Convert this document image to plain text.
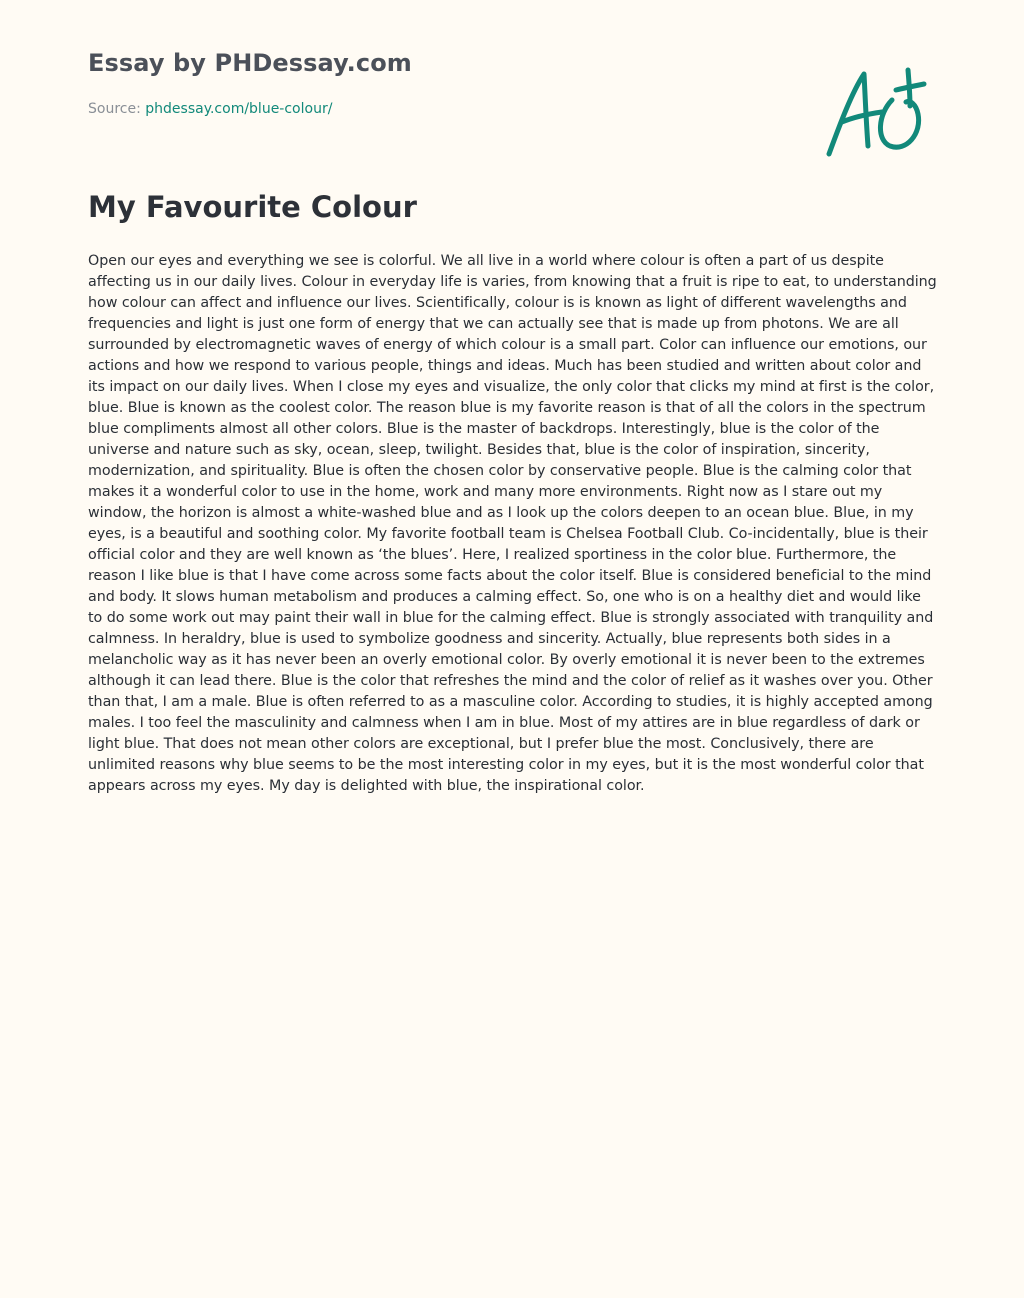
Essay by PHDessay.com
Source: phdessay.com/blue-colour/
My Favourite Colour

Open our eyes and everything we see is colorful. We all live in a world where colour is often a part of us despite affecting us in our daily lives. Colour in everyday life is varies, from knowing that a fruit is ripe to eat, to understanding how colour can affect and influence our lives. Scientifically, colour is is known as light of different wavelengths and frequencies and light is just one form of energy that we can actually see that is made up from photons. We are all surrounded by electromagnetic waves of energy of which colour is a small part. Color can influence our emotions, our actions and how we respond to various people, things and ideas. Much has been studied and written about color and its impact on our daily lives. When I close my eyes and visualize, the only color that clicks my mind at first is the color, blue. Blue is known as the coolest color. The reason blue is my favorite reason is that of all the colors in the spectrum blue compliments almost all other colors. Blue is the master of backdrops. Interestingly, blue is the color of the universe and nature such as sky, ocean, sleep, twilight. Besides that, blue is the color of inspiration, sincerity, modernization, and spirituality. Blue is often the chosen color by conservative people. Blue is the calming color that makes it a wonderful color to use in the home, work and many more environments. Right now as I stare out my window, the horizon is almost a white-washed blue and as I look up the colors deepen to an ocean blue. Blue, in my eyes, is a beautiful and soothing color. My favorite football team is Chelsea Football Club. Co-incidentally, blue is their official color and they are well known as ‘the blues’. Here, I realized sportiness in the color blue. Furthermore, the reason I like blue is that I have come across some facts about the color itself. Blue is considered beneficial to the mind and body. It slows human metabolism and produces a calming effect. So, one who is on a healthy diet and would like to do some work out may paint their wall in blue for the calming effect. Blue is strongly associated with tranquility and calmness. In heraldry, blue is used to symbolize goodness and sincerity. Actually, blue represents both sides in a melancholic way as it has never been an overly emotional color. By overly emotional it is never been to the extremes although it can lead there. Blue is the color that refreshes the mind and the color of relief as it washes over you. Other than that, I am a male. Blue is often referred to as a masculine color. According to studies, it is highly accepted among males. I too feel the masculinity and calmness when I am in blue. Most of my attires are in blue regardless of dark or light blue. That does not mean other colors are exceptional, but I prefer blue the most. Conclusively, there are unlimited reasons why blue seems to be the most interesting color in my eyes, but it is the most wonderful color that appears across my eyes. My day is delighted with blue, the inspirational color.
